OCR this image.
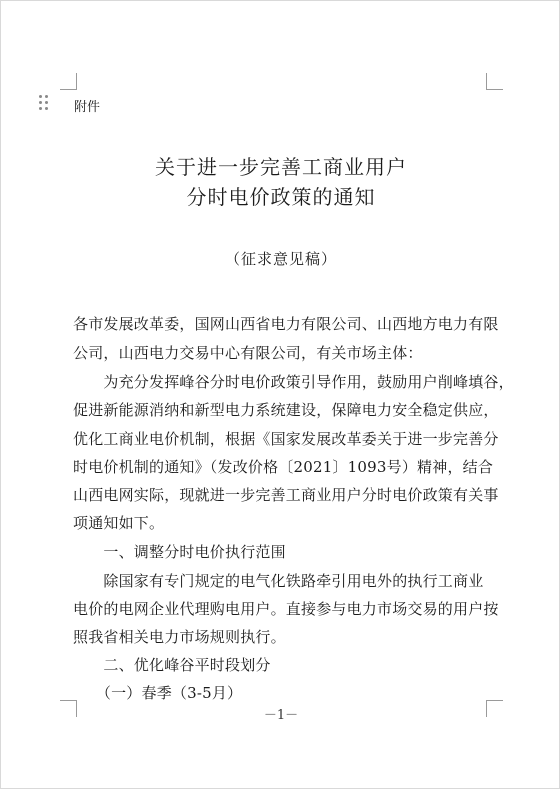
附件
关于进一步完善工商业用户
分时电价政策的通知
（征求意见稿）
各市发展改革委，国网山西省电力有限公司、山西地方电力有限
公司，山西电力交易中心有限公司，有关市场主体：
　　为充分发挥峰谷分时电价政策引导作用，鼓励用户削峰填谷，
促进新能源消纳和新型电力系统建设，保障电力安全稳定供应，
优化工商业电价机制，根据《国家发展改革委关于进一步完善分
时电价机制的通知》（发改价格〔2021〕1093号）精神，结合
山西电网实际，现就进一步完善工商业用户分时电价政策有关事
项通知如下。
　　一、调整分时电价执行范围
　　除国家有专门规定的电气化铁路牵引用电外的执行工商业
电价的电网企业代理购电用户。直接参与电力市场交易的用户按
照我省相关电力市场规则执行。
　　二、优化峰谷平时段划分
　　（一）春季（3-5月）
－1－
